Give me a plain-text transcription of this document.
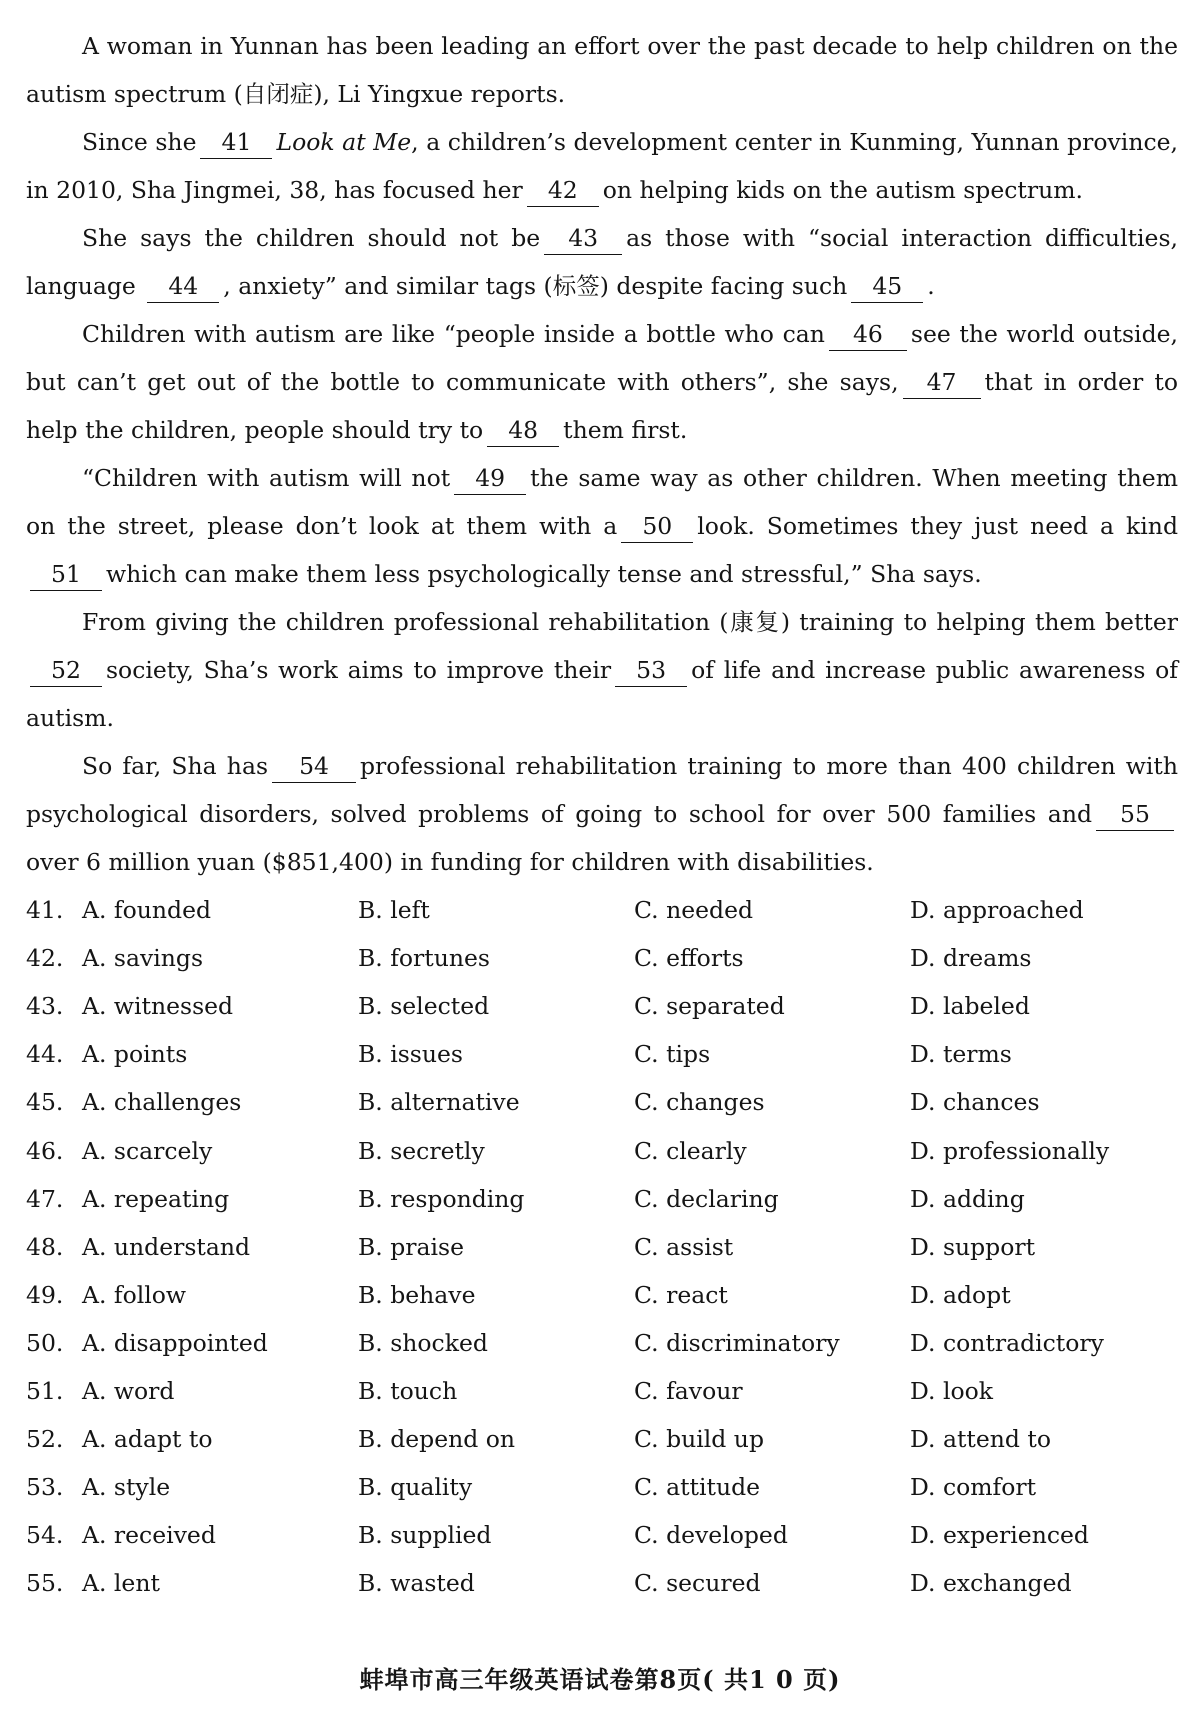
A woman in Yunnan has been leading an effort over the past decade to help children on the autism spectrum (自闭症), Li Yingxue reports.

Since she 41 Look at Me, a children’s development center in Kunming, Yunnan province, in 2010, Sha Jingmei, 38, has focused her 42 on helping kids on the autism spectrum.

She says the children should not be 43 as those with “social interaction difficulties, language 44 , anxiety” and similar tags (标签) despite facing such 45 .

Children with autism are like “people inside a bottle who can 46 see the world outside, but can’t get out of the bottle to communicate with others”, she says, 47 that in order to help the children, people should try to 48 them first.

“Children with autism will not 49 the same way as other children. When meeting them on the street, please don’t look at them with a 50 look. Sometimes they just need a kind51 which can make them less psychologically tense and stressful,” Sha says.

From giving the children professional rehabilitation (康复) training to helping them better52 society, Sha’s work aims to improve their 53 of life and increase public awareness of autism.

So far, Sha has 54 professional rehabilitation training to more than 400 children with psychological disorders, solved problems of going to school for over 500 families and 55over 6 million yuan ($851,400) in funding for children with disabilities.

41. A. founded	B. left	C. needed	D. approached
42. A. savings	B. fortunes	C. efforts	D. dreams
43. A. witnessed	B. selected	C. separated	D. labeled
44. A. points	B. issues	C. tips	D. terms
45. A. challenges	B. alternative	C. changes	D. chances
46. A. scarcely	B. secretly	C. clearly	D. professionally
47. A. repeating	B. responding	C. declaring	D. adding
48. A. understand	B. praise	C. assist	D. support
49. A. follow	B. behave	C. react	D. adopt
50. A. disappointed	B. shocked	C. discriminatory	D. contradictory
51. A. word	B. touch	C. favour	D. look
52. A. adapt to	B. depend on	C. build up	D. attend to
53. A. style	B. quality	C. attitude	D. comfort
54. A. received	B. supplied	C. developed	D. experienced
55. A. lent	B. wasted	C. secured	D. exchanged
蚌埠市高三年级英语试卷第8页( 共1 0 页)
